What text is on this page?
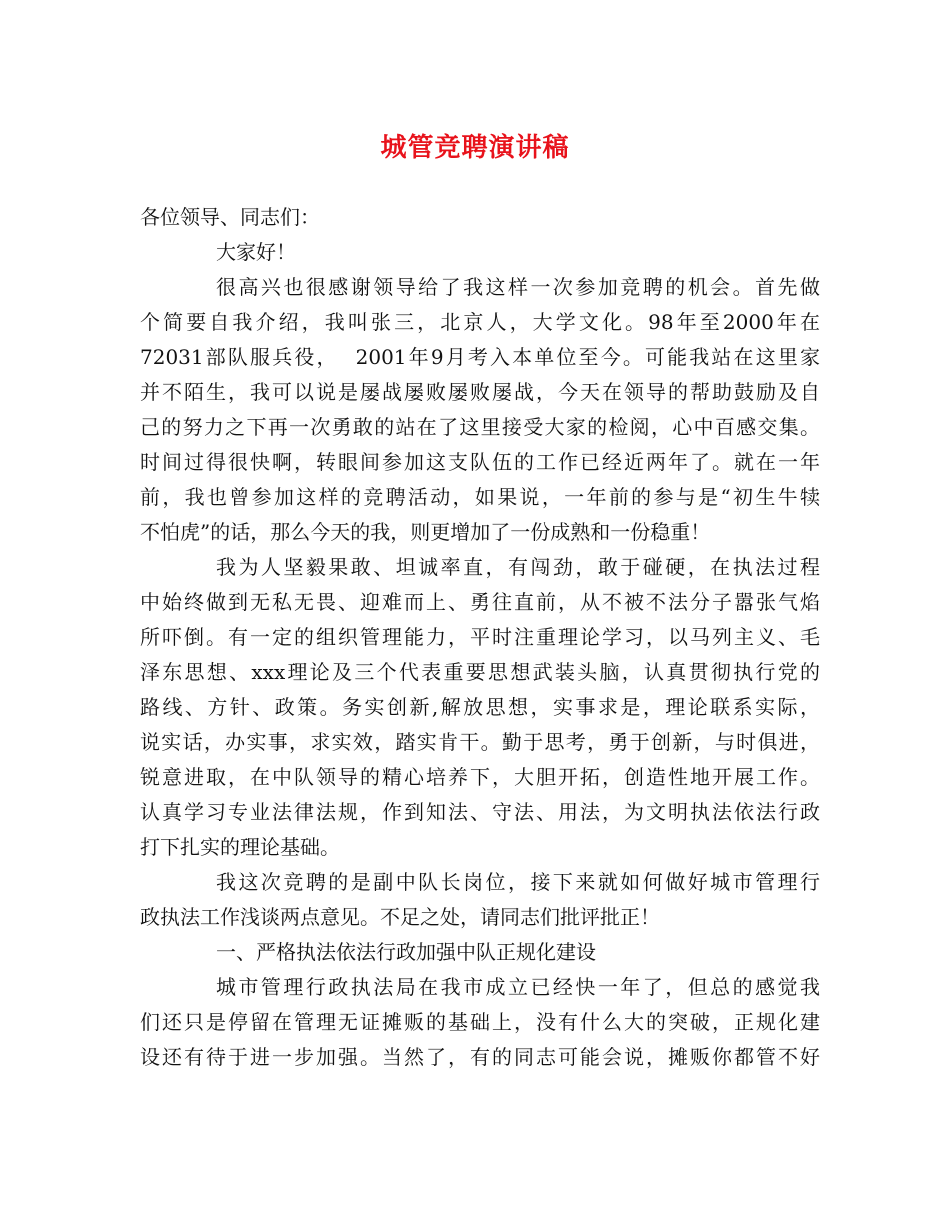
城管竞聘演讲稿
各位领导、同志们：
大家好！
很高兴也很感谢领导给了我这样一次参加竞聘的机会。首先做
个简要自我介绍，我叫张三，北京人，大学文化。98年至2000年在
72031部队服兵役，  2001年9月考入本单位至今。可能我站在这里家
并不陌生，我可以说是屡战屡败屡败屡战，今天在领导的帮助鼓励及自
己的努力之下再一次勇敢的站在了这里接受大家的检阅，心中百感交集。
时间过得很快啊，转眼间参加这支队伍的工作已经近两年了。就在一年
前，我也曾参加这样的竞聘活动，如果说，一年前的参与是“初生牛犊
不怕虎”的话，那么今天的我，则更增加了一份成熟和一份稳重！
我为人坚毅果敢、坦诚率直，有闯劲，敢于碰硬，在执法过程
中始终做到无私无畏、迎难而上、勇往直前，从不被不法分子嚣张气焰
所吓倒。有一定的组织管理能力，平时注重理论学习，以马列主义、毛
泽东思想、xxx理论及三个代表重要思想武装头脑，认真贯彻执行党的
路线、方针、政策。务实创新,解放思想，实事求是，理论联系实际，
说实话，办实事，求实效，踏实肯干。勤于思考，勇于创新，与时俱进，
锐意进取，在中队领导的精心培养下，大胆开拓，创造性地开展工作。
认真学习专业法律法规，作到知法、守法、用法，为文明执法依法行政
打下扎实的理论基础。
我这次竞聘的是副中队长岗位，接下来就如何做好城市管理行
政执法工作浅谈两点意见。不足之处，请同志们批评批正！
一、严格执法依法行政加强中队正规化建设
城市管理行政执法局在我市成立已经快一年了，但总的感觉我
们还只是停留在管理无证摊贩的基础上，没有什么大的突破，正规化建
设还有待于进一步加强。当然了，有的同志可能会说，摊贩你都管不好
